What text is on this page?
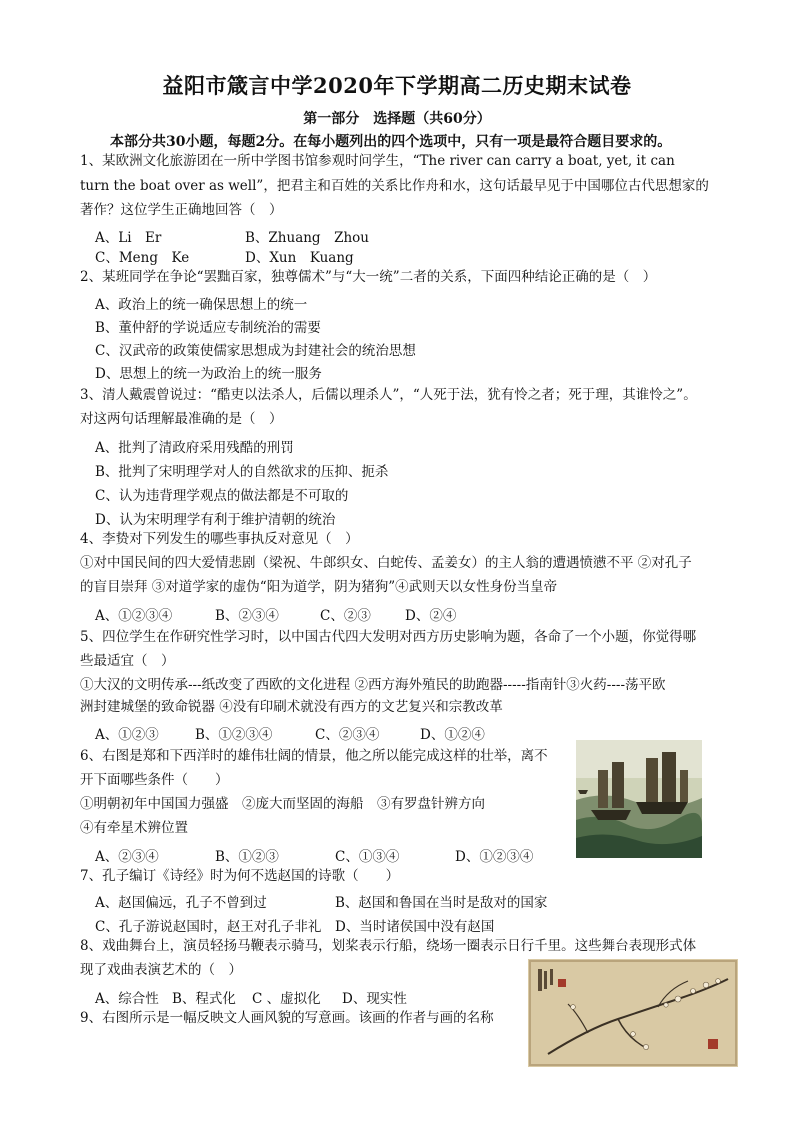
益阳市箴言中学2020年下学期高二历史期末试卷
第一部分　选择题（共60分）
本部分共30小题，每题2分。在每小题列出的四个选项中，只有一项是最符合题目要求的。
1、某欧洲文化旅游团在一所中学图书馆参观时问学生，“The river can carry a boat, yet, it can
turn the boat over as well”，把君主和百姓的关系比作舟和水，这句话最早见于中国哪位古代思想家的
著作？这位学生正确地回答（　）
A、Li　Er	B、Zhuang　Zhou
C、Meng　Ke	D、Xun　Kuang
2、某班同学在争论“罢黜百家，独尊儒术”与“大一统”二者的关系，下面四种结论正确的是（　）
A、政治上的统一确保思想上的统一
B、董仲舒的学说适应专制统治的需要
C、汉武帝的政策使儒家思想成为封建社会的统治思想
D、思想上的统一为政治上的统一服务
3、清人戴震曾说过：“酷吏以法杀人，后儒以理杀人”，“人死于法，犹有怜之者；死于理，其谁怜之”。
对这两句话理解最准确的是（　）
A、批判了清政府采用残酷的刑罚
B、批判了宋明理学对人的自然欲求的压抑、扼杀
C、认为违背理学观点的做法都是不可取的
D、认为宋明理学有利于维护清朝的统治
4、李贽对下列发生的哪些事执反对意见（　）
①对中国民间的四大爱情悲剧（梁祝、牛郎织女、白蛇传、孟姜女）的主人翁的遭遇愤懑不平 ②对孔子
的盲目崇拜 ③对道学家的虚伪“阳为道学，阴为猪狗”④武则天以女性身份当皇帝
A、①②③④	B、②③④	C、②③	D、②④
5、四位学生在作研究性学习时，以中国古代四大发明对西方历史影响为题，各命了一个小题，你觉得哪
些最适宜（　）
①大汉的文明传承---纸改变了西欧的文化进程 ②西方海外殖民的助跑器-----指南针③火药----荡平欧
洲封建城堡的致命锐器 ④没有印刷术就没有西方的文艺复兴和宗教改革
A、①②③	B、①②③④	C、②③④	D、①②④
6、右图是郑和下西洋时的雄伟壮阔的情景，他之所以能完成这样的壮举，离不
开下面哪些条件（　　）
①明朝初年中国国力强盛　②庞大而坚固的海船　③有罗盘针辨方向
④有牵星术辨位置
A、②③④	B、①②③	C、①③④	D、①②③④
7、孔子编订《诗经》时为何不选赵国的诗歌（　　）
A、赵国偏远，孔子不曾到过	B、赵国和鲁国在当时是敌对的国家
C、孔子游说赵国时，赵王对孔子非礼 D、当时诸侯国中没有赵国
8、戏曲舞台上，演员轻扬马鞭表示骑马，划桨表示行船，绕场一圈表示日行千里。这些舞台表现形式体
现了戏曲表演艺术的（　）
A、综合性 B、程式化 C 、虚拟化 D、现实性
9、右图所示是一幅反映文人画风貌的写意画。该画的作者与画的名称
